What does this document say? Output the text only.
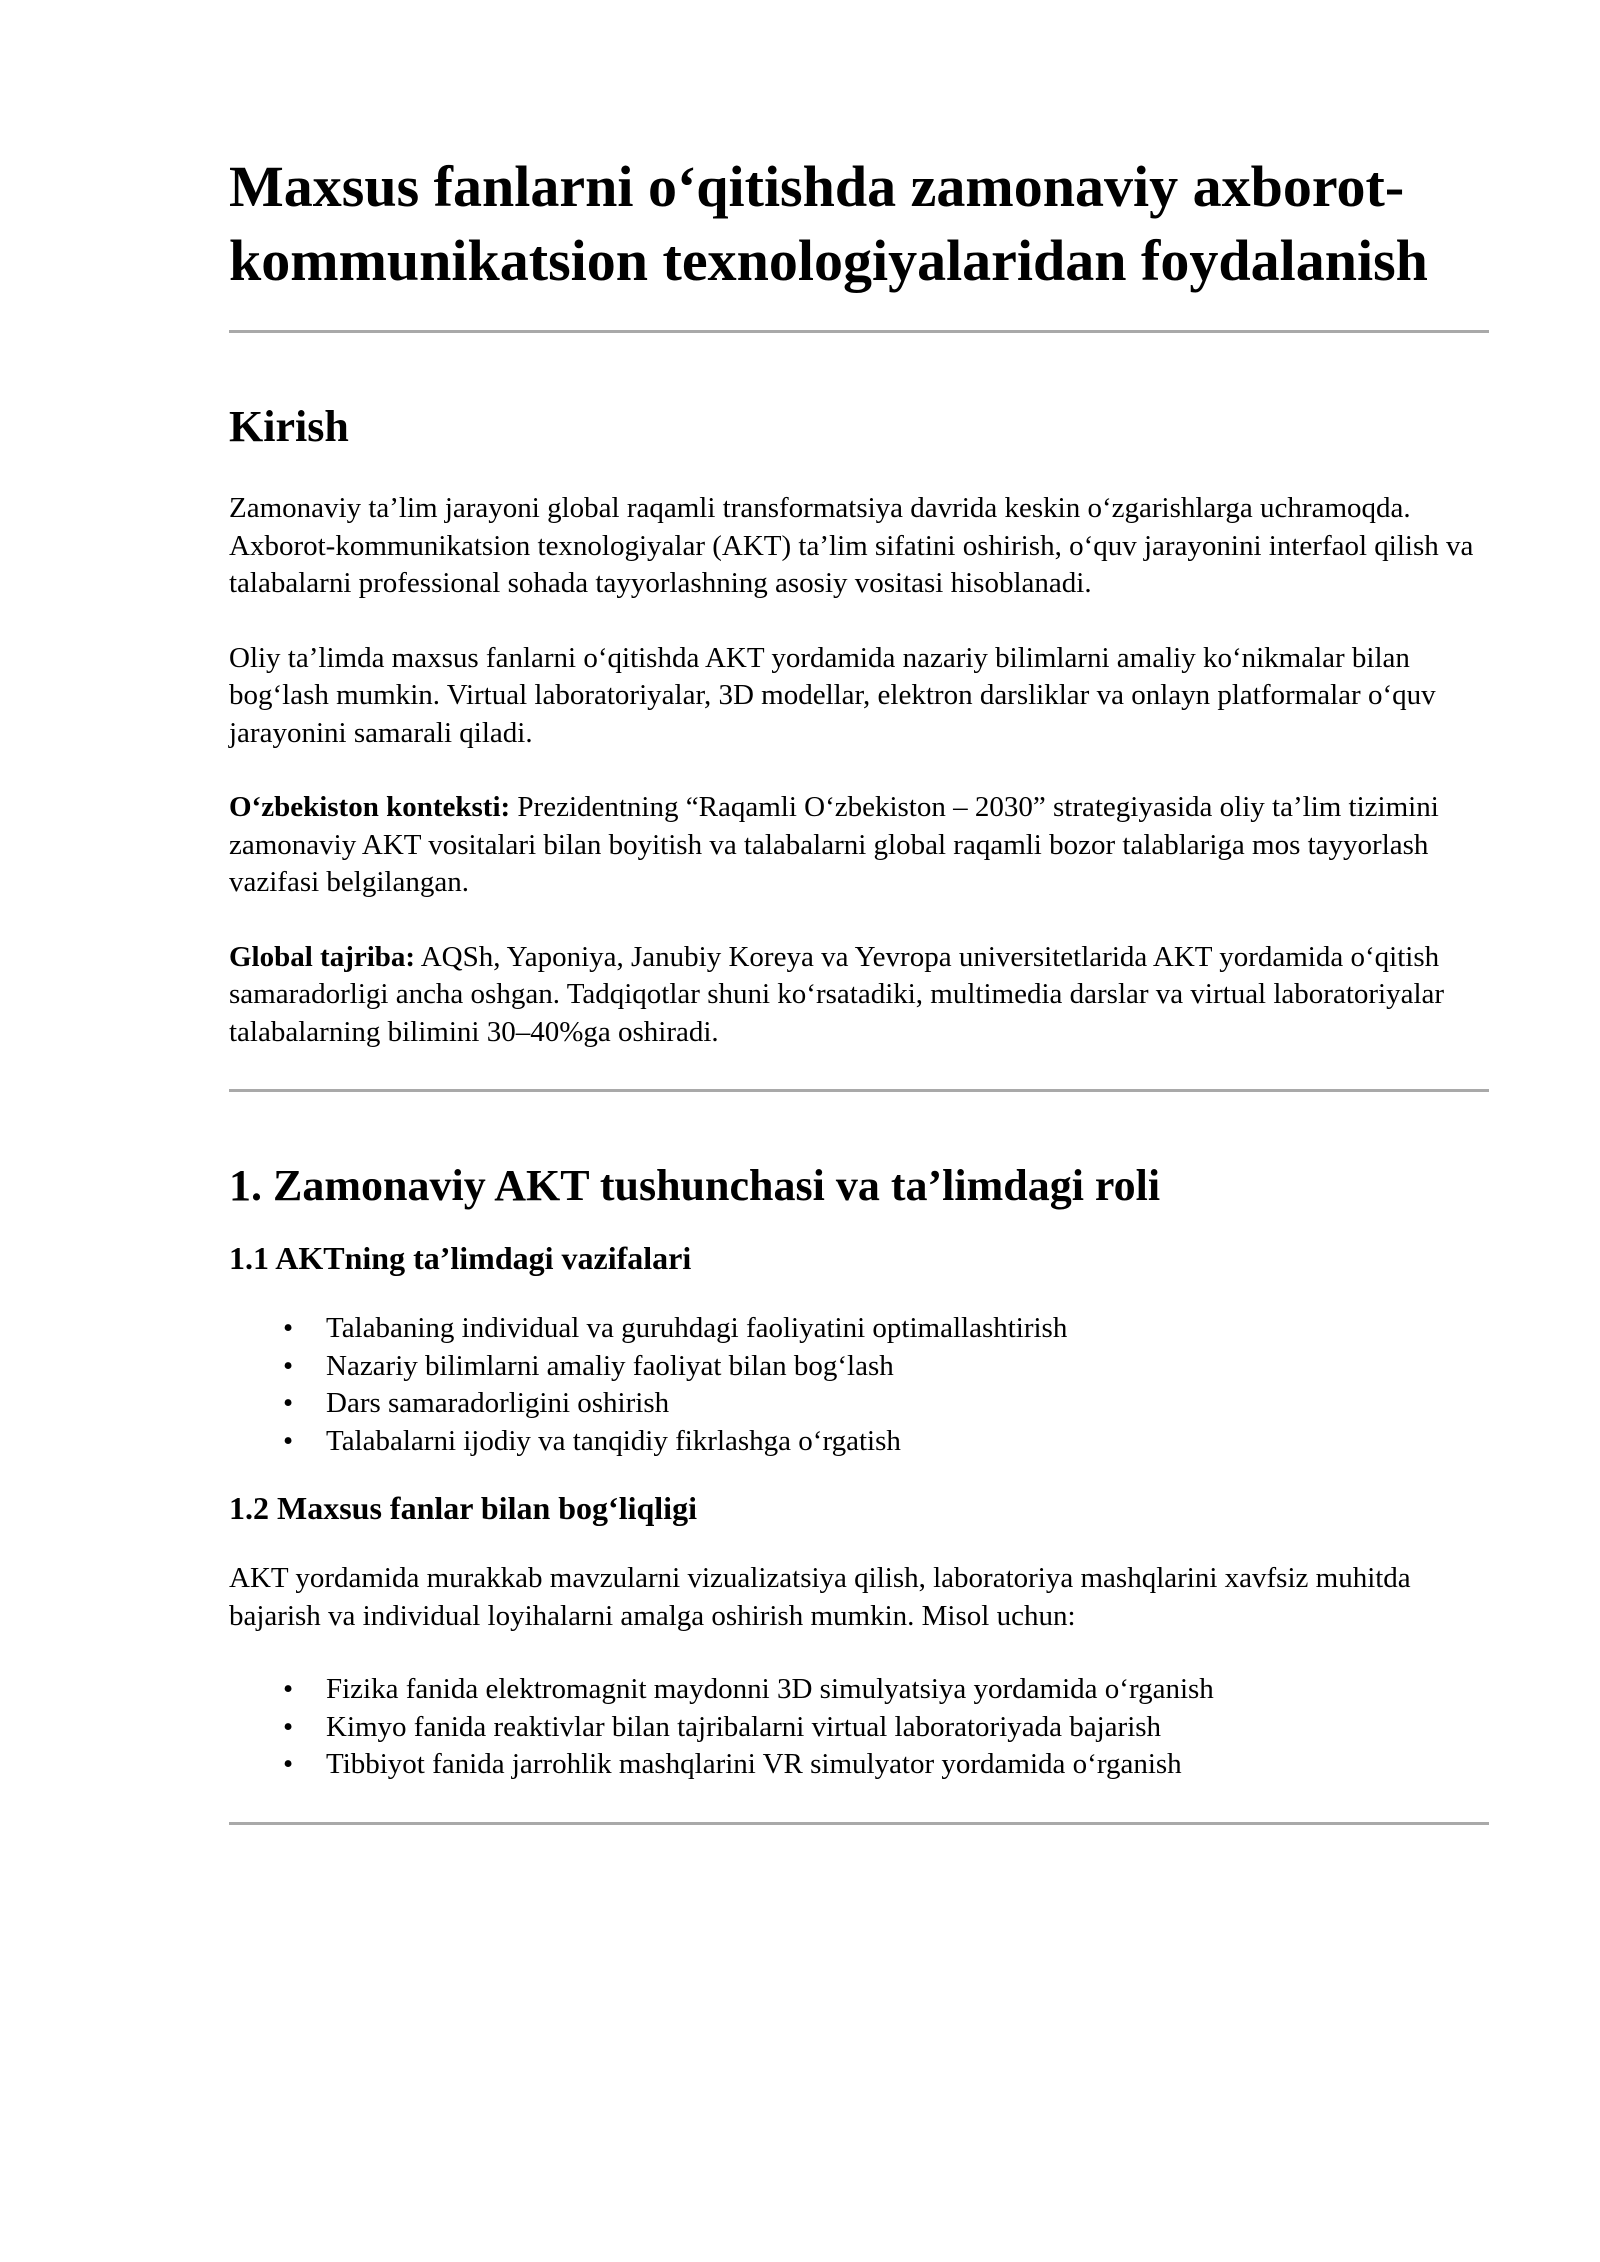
Maxsus fanlarni o‘qitishda zamonaviy axborot-kommunikatsion texnologiyalaridan foydalanish
Kirish

Zamonaviy ta’lim jarayoni global raqamli transformatsiya davrida keskin o‘zgarishlarga uchramoqda. Axborot-kommunikatsion texnologiyalar (AKT) ta’lim sifatini oshirish, o‘quv jarayonini interfaol qilish va talabalarni professional sohada tayyorlashning asosiy vositasi hisoblanadi.

Oliy ta’limda maxsus fanlarni o‘qitishda AKT yordamida nazariy bilimlarni amaliy ko‘nikmalar bilan bog‘lash mumkin. Virtual laboratoriyalar, 3D modellar, elektron darsliklar va onlayn platformalar o‘quv jarayonini samarali qiladi.

O‘zbekiston konteksti: Prezidentning “Raqamli O‘zbekiston – 2030” strategiyasida oliy ta’lim tizimini zamonaviy AKT vositalari bilan boyitish va talabalarni global raqamli bozor talablariga mos tayyorlash vazifasi belgilangan.

Global tajriba: AQSh, Yaponiya, Janubiy Koreya va Yevropa universitetlarida AKT yordamida o‘qitish samaradorligi ancha oshgan. Tadqiqotlar shuni ko‘rsatadiki, multimedia darslar va virtual laboratoriyalar talabalarning bilimini 30–40%ga oshiradi.

1. Zamonaviy AKT tushunchasi va ta’limdagi roli
1.1 AKTning ta’limdagi vazifalari
• Talabaning individual va guruhdagi faoliyatini optimallashtirish
• Nazariy bilimlarni amaliy faoliyat bilan bog‘lash
• Dars samaradorligini oshirish
• Talabalarni ijodiy va tanqidiy fikrlashga o‘rgatish
1.2 Maxsus fanlar bilan bog‘liqligi

AKT yordamida murakkab mavzularni vizualizatsiya qilish, laboratoriya mashqlarini xavfsiz muhitda bajarish va individual loyihalarni amalga oshirish mumkin. Misol uchun:

• Fizika fanida elektromagnit maydonni 3D simulyatsiya yordamida o‘rganish
• Kimyo fanida reaktivlar bilan tajribalarni virtual laboratoriyada bajarish
• Tibbiyot fanida jarrohlik mashqlarini VR simulyator yordamida o‘rganish
